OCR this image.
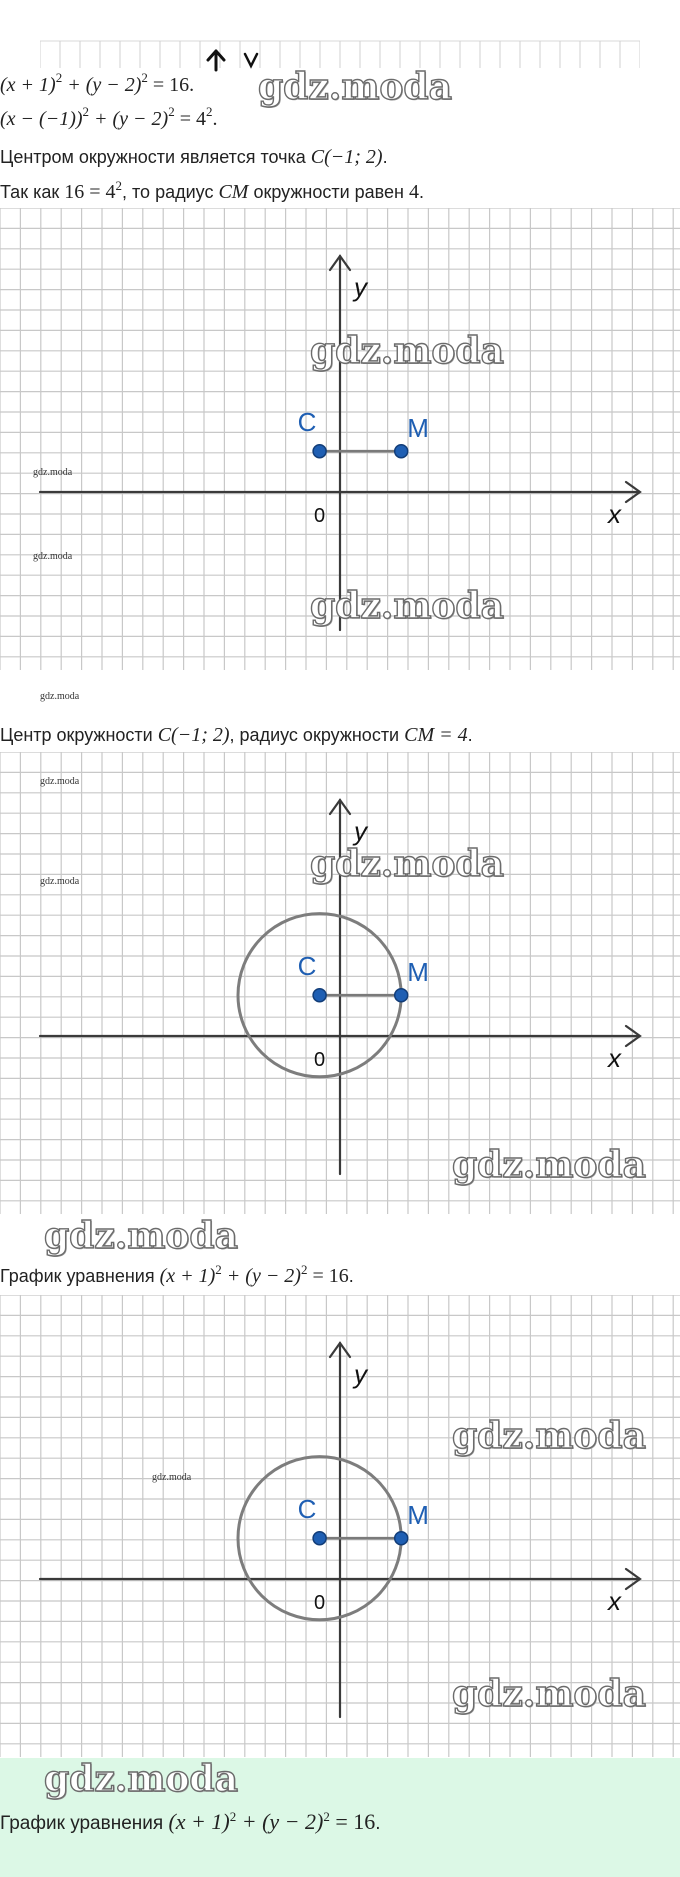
$(x + 1)^2 + (y - 2)^2 = 16$. gdz.moda
$(x - (-1))^2 + (y - 2)^2 = 4^2$.
Центром окружности является точка C(−1; 2).
Так как $16 = 4^2$, то радиус CM окружности равен 4.
y
x
0
C	M
gdz.moda
gdz.moda
gdz.moda
gdz.moda
gdz.moda
Центр окружности C(−1; 2), радиус окружности CM = 4.
y
x
0
C	M
gdz.moda
gdz.moda	gdz.moda
gdz.moda
gdz.moda
График уравнения $(x + 1)^2 + (y - 2)^2 = 16$.
y
x
0
C	M
gdz.moda
gdz.moda
gdz.moda
gdz.moda
График уравнения $(x + 1)^2 + (y - 2)^2 = 16$.
